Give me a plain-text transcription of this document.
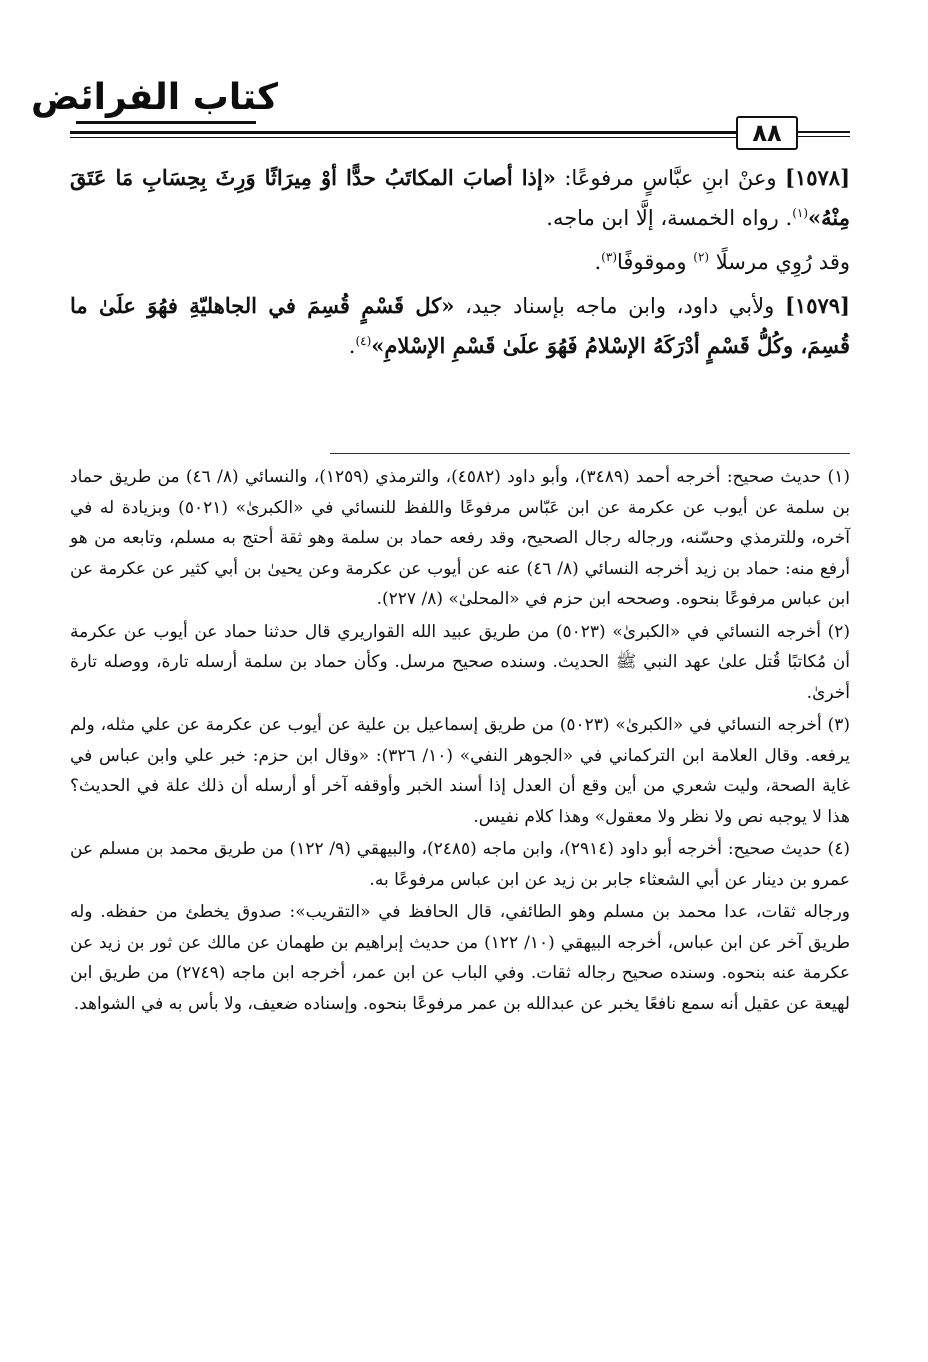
كتاب الفرائض
٨٨

[١٥٧٨] وعنْ ابنِ عبَّاسٍ مرفوعًا: «إذا أصابَ المكاتَبُ حدًّا أوْ مِيرَاثًا وَرِثَ بِحِسَابِ مَا عَتَقَ مِنْهُ»$^{(١)}$. رواه الخمسة، إلَّا ابن ماجه.

وقد رُوِي مرسلًا $^{(٢)}$ وموقوفًا$^{(٣)}$.

[١٥٧٩] ولأبي داود، وابن ماجه بإسناد جيد، «كل قَسْمٍ قُسِمَ في الجاهليّةِ فهُوَ علَىٰ ما قُسِمَ، وكُلُّ قَسْمٍ أدْرَكَهُ الإسْلامُ فَهُوَ علَىٰ قَسْمِ الإسْلامِ»$^{(٤)}$.

(١) حديث صحيح: أخرجه أحمد (٣٤٨٩)، وأبو داود (٤٥٨٢)، والترمذي (١٢٥٩)، والنسائي (٨/ ٤٦) من طريق حماد بن سلمة عن أيوب عن عكرمة عن ابن عَبّاس مرفوعًا واللفظ للنسائي في «الكبرىٰ» (٥٠٢١) وبزيادة له في آخره، وللترمذي وحسّنه، ورجاله رجال الصحيح، وقد رفعه حماد بن سلمة وهو ثقة أحتج به مسلم، وتابعه من هو أرفع منه: حماد بن زيد أخرجه النسائي (٨/ ٤٦) عنه عن أيوب عن عكرمة وعن يحيىٰ بن أبي كثير عن عكرمة عن ابن عباس مرفوعًا بنحوه. وصححه ابن حزم في «المحلىٰ» (٨/ ٢٢٧).

(٢) أخرجه النسائي في «الكبرىٰ» (٥٠٢٣) من طريق عبيد الله القواريري قال حدثنا حماد عن أيوب عن عكرمة أن مُكاتبًا قُتل علىٰ عهد النبي ﷺ الحديث. وسنده صحيح مرسل. وكأن حماد بن سلمة أرسله تارة، ووصله تارة أخرىٰ.

(٣) أخرجه النسائي في «الكبرىٰ» (٥٠٢٣) من طريق إسماعيل بن علية عن أيوب عن عكرمة عن علي مثله، ولم يرفعه. وقال العلامة ابن التركماني في «الجوهر النفي» (١٠/ ٣٢٦): «وقال ابن حزم: خبر علي وابن عباس في غاية الصحة، وليت شعري من أين وقع أن العدل إذا أسند الخبر وأوقفه آخر أو أرسله أن ذلك علة في الحديث؟ هذا لا يوجبه نص ولا نظر ولا معقول» وهذا كلام نفيس.

(٤) حديث صحيح: أخرجه أبو داود (٢٩١٤)، وابن ماجه (٢٤٨٥)، والبيهقي (٩/ ١٢٢) من طريق محمد بن مسلم عن عمرو بن دينار عن أبي الشعثاء جابر بن زيد عن ابن عباس مرفوعًا به.

ورجاله ثقات، عدا محمد بن مسلم وهو الطائفي، قال الحافظ في «التقريب»: صدوق يخطئ من حفظه. وله طريق آخر عن ابن عباس، أخرجه البيهقي (١٠/ ١٢٢) من حديث إبراهيم بن طهمان عن مالك عن ثور بن زيد عن عكرمة عنه بنحوه. وسنده صحيح رجاله ثقات. وفي الباب عن ابن عمر، أخرجه ابن ماجه (٢٧٤٩) من طريق ابن لهيعة عن عقيل أنه سمع نافعًا يخبر عن عبدالله بن عمر مرفوعًا بنحوه. وإسناده ضعيف، ولا بأس به في الشواهد.
